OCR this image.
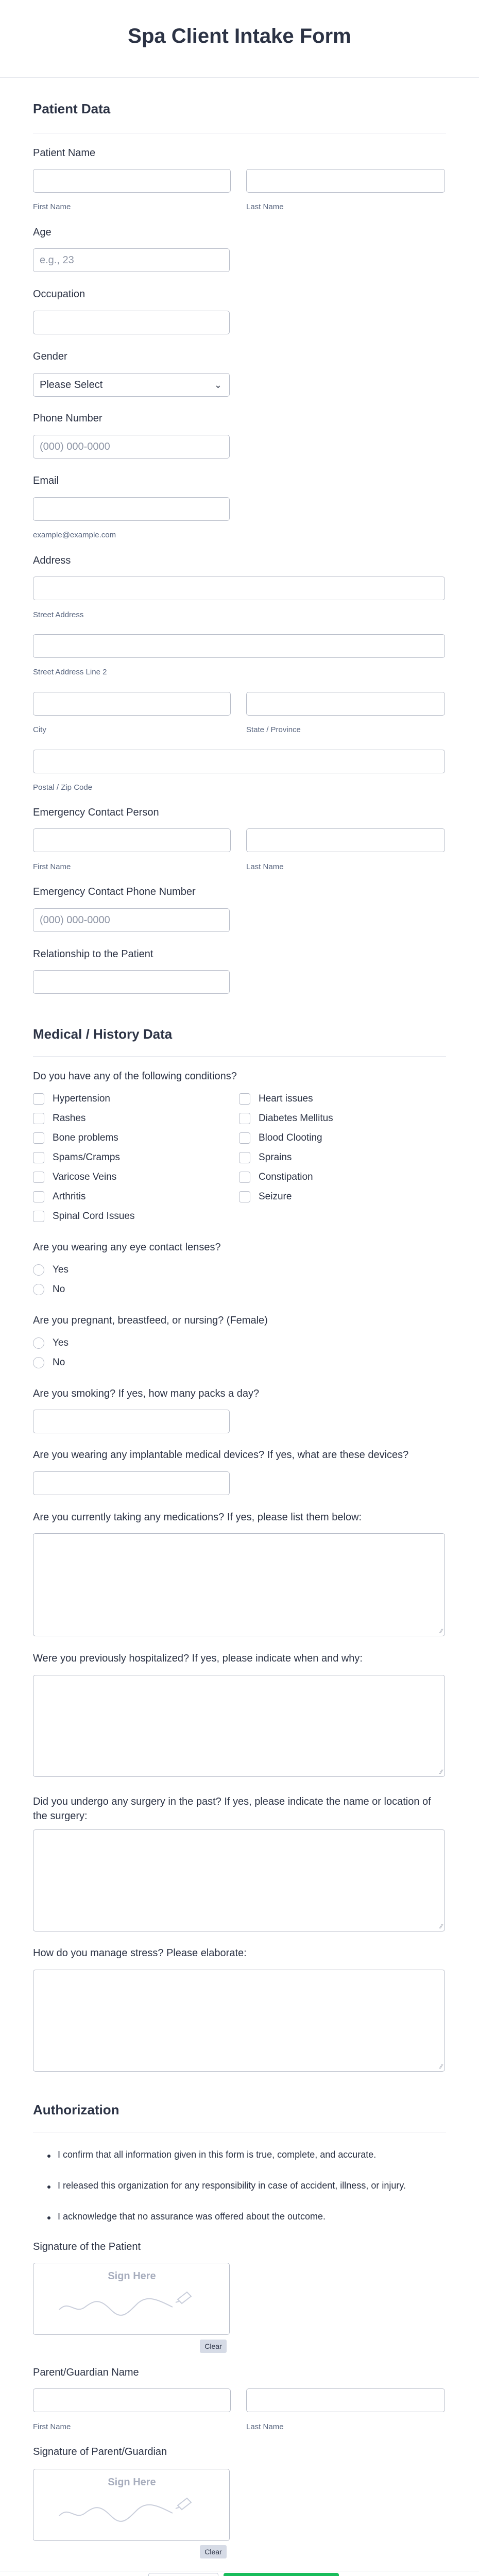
Spa Client Intake Form
Patient Data
Patient Name
First Name	Last Name
Age
e.g., 23
Occupation
Gender
Please Select	⌄
Phone Number
(000) 000-0000
Email
example@example.com
Address
Street Address
Street Address Line 2
City	State / Province
Postal / Zip Code
Emergency Contact Person
First Name	Last Name
Emergency Contact Phone Number
(000) 000-0000
Relationship to the Patient
Medical / History Data
Do you have any of the following conditions?
Hypertension
Rashes
Bone problems
Spams/Cramps
Varicose Veins
Arthritis
Spinal Cord Issues
Heart issues
Diabetes Mellitus
Blood Clooting
Sprains
Constipation
Seizure
Are you wearing any eye contact lenses?
Yes
No
Are you pregnant, breastfeed, or nursing? (Female)
Yes
No
Are you smoking? If yes, how many packs a day?
Are you wearing any implantable medical devices? If yes, what are these devices?
Are you currently taking any medications? If yes, please list them below:
∕∕
Were you previously hospitalized? If yes, please indicate when and why:
∕∕
Did you undergo any surgery in the past? If yes, please indicate the name or location of the surgery:
∕∕
How do you manage stress? Please elaborate:
∕∕
Authorization
I confirm that all information given in this form is true, complete, and accurate.
I released this organization for any responsibility in case of accident, illness, or injury.
I acknowledge that no assurance was offered about the outcome.
Signature of the Patient
Sign Here
Clear
Parent/Guardian Name
First Name	Last Name
Signature of Parent/Guardian
Sign Here
Clear
